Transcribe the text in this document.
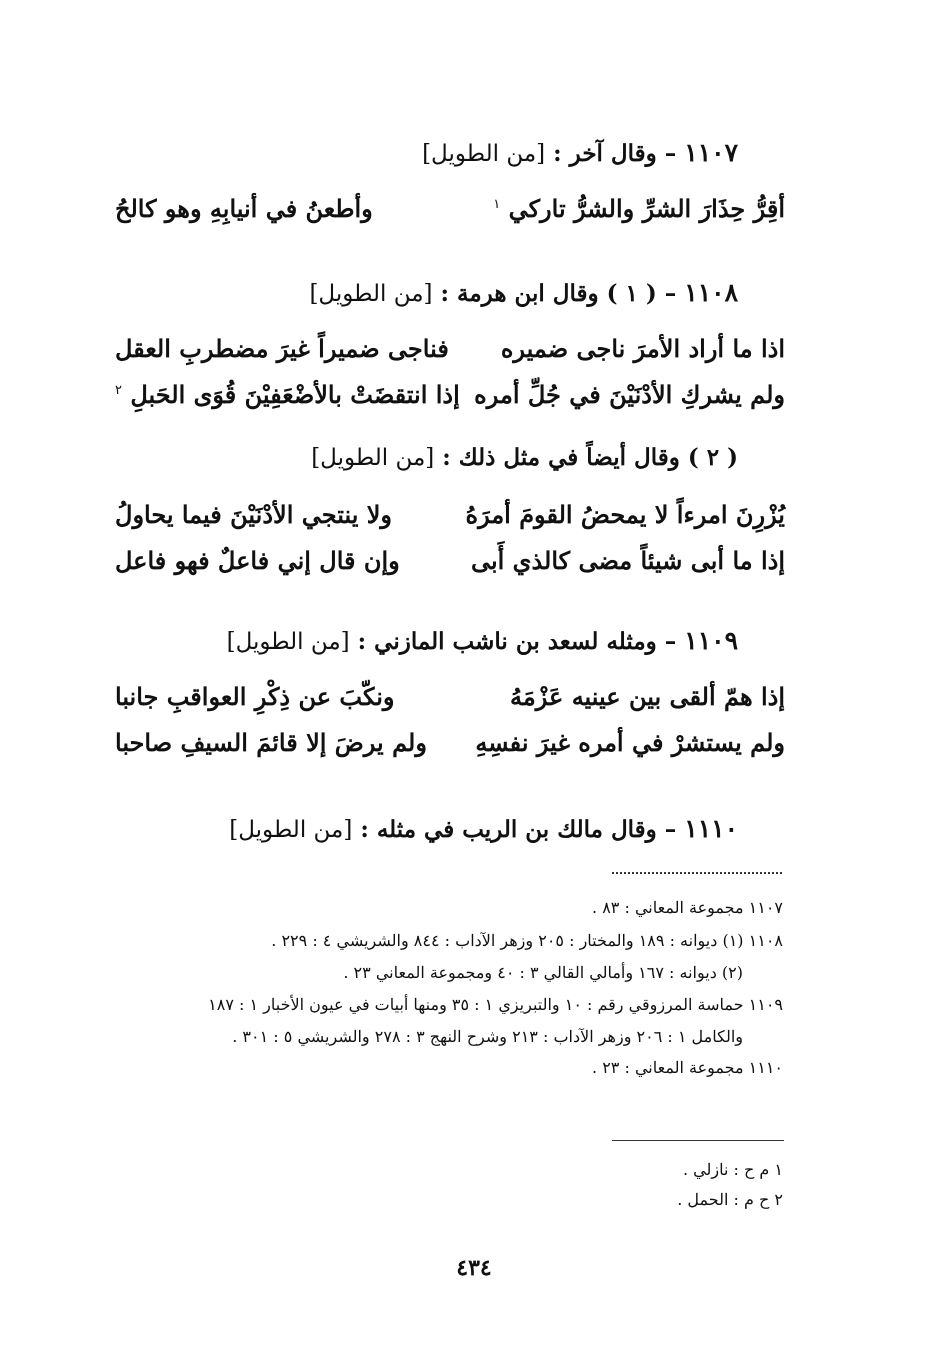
١١٠٧ – وقال آخر : [من الطويل]
أقِرُّ حِذَارَ الشرِّ والشرُّ تاركي $^١$
وأطعنُ في أنيابِهِ وهو كالحُ
١١٠٨ – ( ١ ) وقال ابن هرمة : [من الطويل]
اذا ما أراد الأمرَ ناجى ضميره
فناجى ضميراً غيرَ مضطربِ العقل
ولم يشركِ الأدْنَيْنَ في جُلِّ أمره
إذا انتقضَتْ بالأضْعَفِيْنَ قُوَى الحَبلِ $^٢$
( ٢ ) وقال أيضاً في مثل ذلك : [من الطويل]
يُزْرِنَ امرءاً لا يمحضُ القومَ أمرَهُ
ولا ينتجي الأدْنَيْنَ فيما يحاولُ
إذا ما أبى شيئاً مضى كالذي أَبى
وإن قال إني فاعلٌ فهو فاعل
١١٠٩ – ومثله لسعد بن ناشب المازني : [من الطويل]
إذا همّ ألقى بين عينيه عَزْمَهُ
ونكّبَ عن ذِكْرِ العواقبِ جانبا
ولم يستشرْ في أمره غيرَ نفسِهِ
ولم يرضَ إلا قائمَ السيفِ صاحبا
١١١٠ – وقال مالك بن الريب في مثله : [من الطويل]
١١٠٧ مجموعة المعاني : ٨٣ .
١١٠٨ (١) ديوانه : ١٨٩ والمختار : ٢٠٥ وزهر الآداب : ٨٤٤ والشريشي ٤ : ٢٢٩ .
(٢) ديوانه : ١٦٧ وأمالي القالي ٣ : ٤٠ ومجموعة المعاني ٢٣ .
١١٠٩ حماسة المرزوقي رقم : ١٠ والتبريزي ١ : ٣٥ ومنها أبيات في عيون الأخبار ١ : ١٨٧
والكامل ١ : ٢٠٦ وزهر الآداب : ٢١٣ وشرح النهج ٣ : ٢٧٨ والشريشي ٥ : ٣٠١ .
١١١٠ مجموعة المعاني : ٢٣ .
١ م ح : نازلي .
٢ ح م : الحمل .
٤٣٤
